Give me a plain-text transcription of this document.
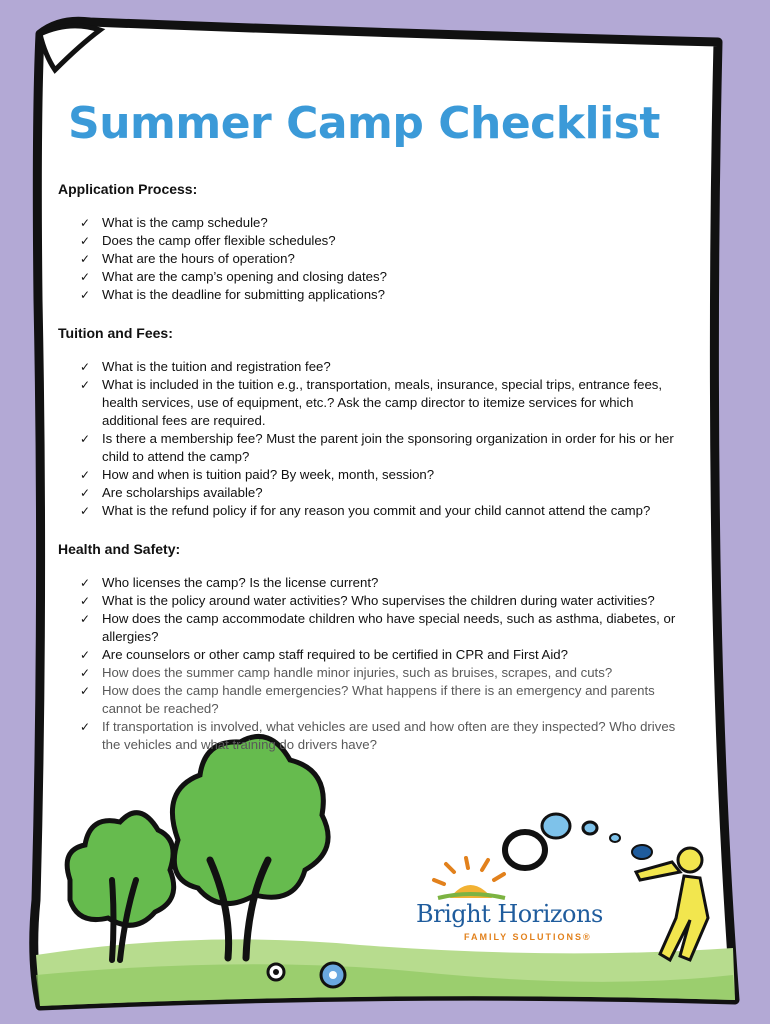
Summer Camp Checklist
Application Process:
✓ What is the camp schedule?
✓ Does the camp offer flexible schedules?
✓ What are the hours of operation?
✓ What are the camp’s opening and closing dates?
✓ What is the deadline for submitting applications?
Tuition and Fees:
✓ What is the tuition and registration fee?
✓ What is included in the tuition e.g., transportation, meals, insurance, special trips, entrance fees, health services, use of equipment, etc.? Ask the camp director to itemize services for which additional fees are required.
✓ Is there a membership fee? Must the parent join the sponsoring organization in order for his or her child to attend the camp?
✓ How and when is tuition paid? By week, month, session?
✓ Are scholarships available?
✓ What is the refund policy if for any reason you commit and your child cannot attend the camp?
Health and Safety:
✓ Who licenses the camp? Is the license current?
✓ What is the policy around water activities? Who supervises the children during water activities?
✓ How does the camp accommodate children who have special needs, such as asthma, diabetes, or allergies?
✓ Are counselors or other camp staff required to be certified in CPR and First Aid?
✓ How does the summer camp handle minor injuries, such as bruises, scrapes, and cuts?
✓ How does the camp handle emergencies? What happens if there is an emergency and parents cannot be reached?
✓ If transportation is involved, what vehicles are used and how often are they inspected? Who drives the vehicles and what training do drivers have?
Bright Horizons
FAMILY SOLUTIONS®
